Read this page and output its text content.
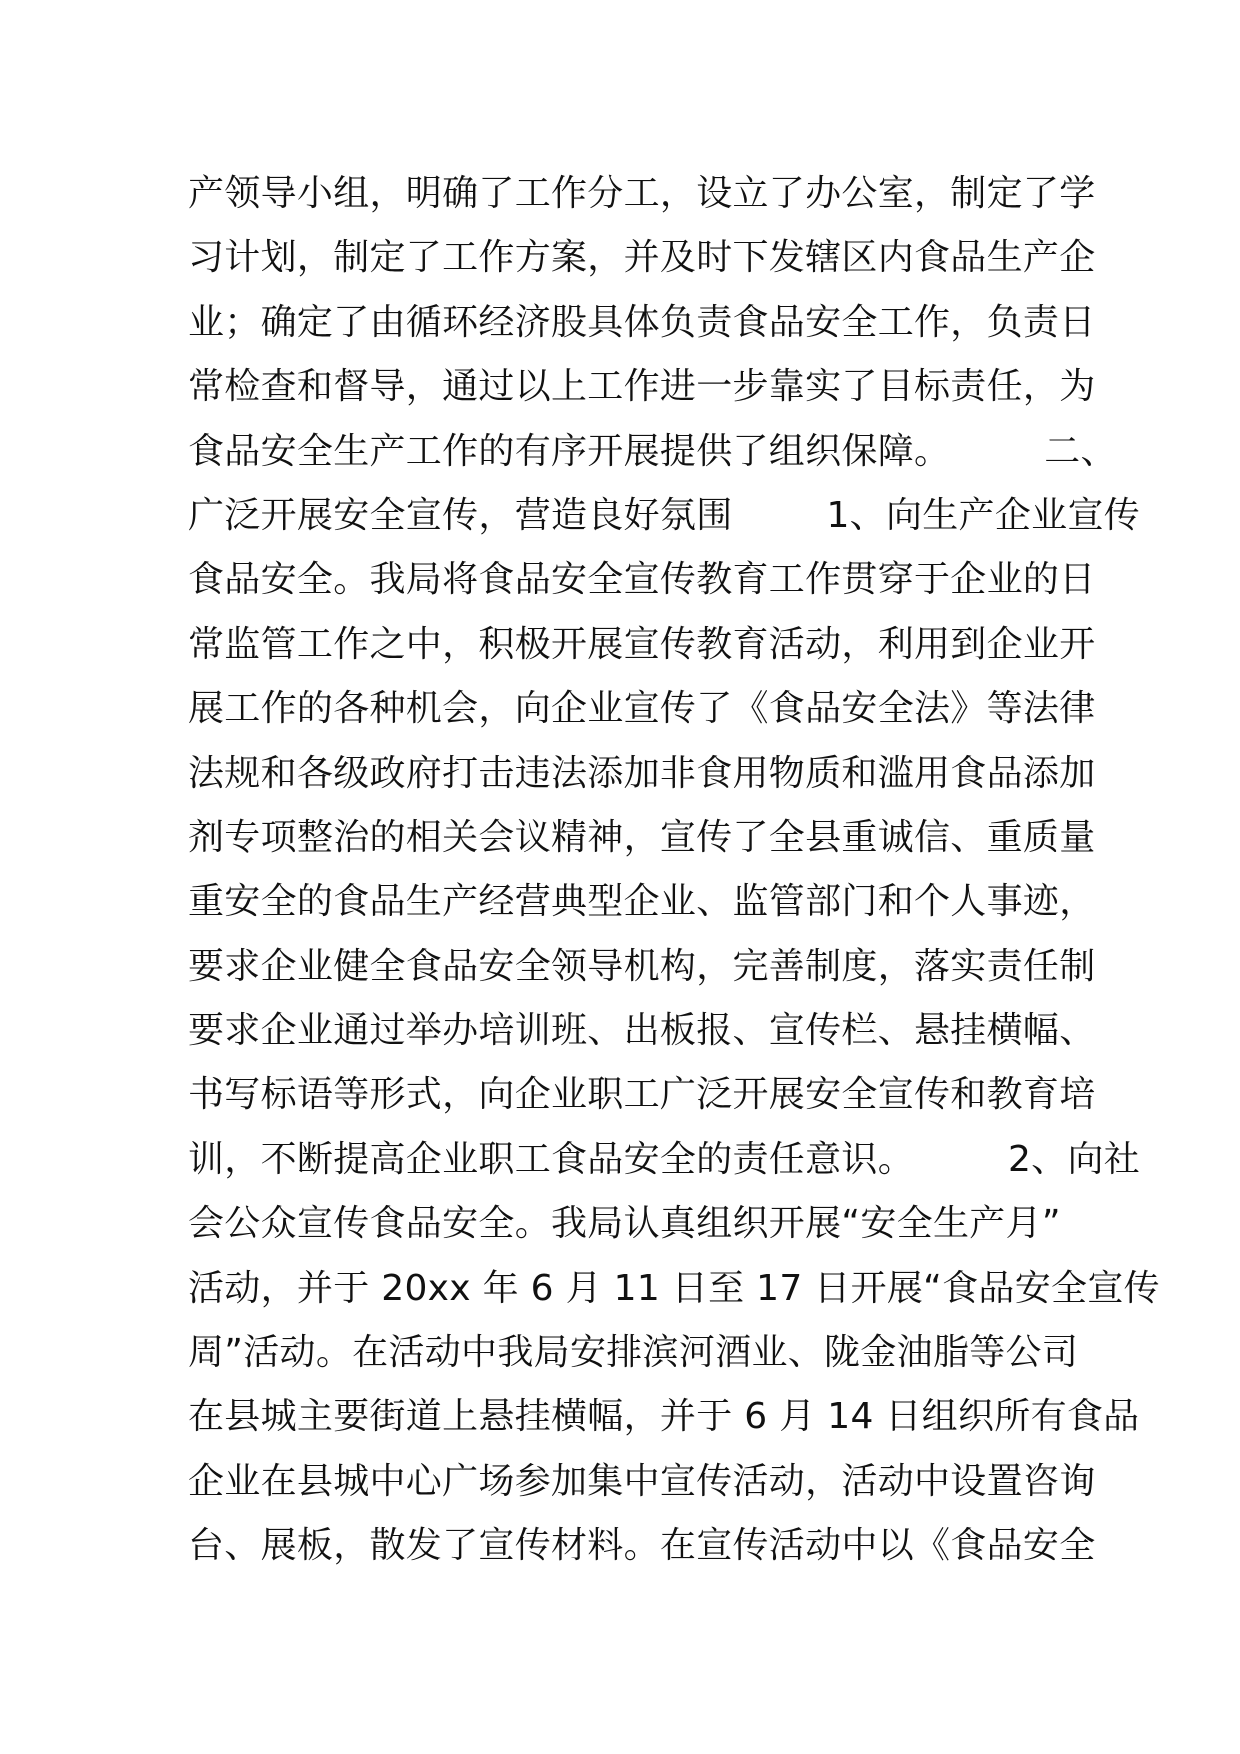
产领导小组，明确了工作分工，设立了办公室，制定了学
习计划，制定了工作方案，并及时下发辖区内食品生产企
业；确定了由循环经济股具体负责食品安全工作，负责日
常检查和督导，通过以上工作进一步靠实了目标责任，为
食品安全生产工作的有序开展提供了组织保障。        二、
广泛开展安全宣传，营造良好氛围        1、向生产企业宣传
食品安全。我局将食品安全宣传教育工作贯穿于企业的日
常监管工作之中，积极开展宣传教育活动，利用到企业开
展工作的各种机会，向企业宣传了《食品安全法》等法律
法规和各级政府打击违法添加非食用物质和滥用食品添加
剂专项整治的相关会议精神，宣传了全县重诚信、重质量
重安全的食品生产经营典型企业、监管部门和个人事迹，
要求企业健全食品安全领导机构，完善制度，落实责任制
要求企业通过举办培训班、出板报、宣传栏、悬挂横幅、
书写标语等形式，向企业职工广泛开展安全宣传和教育培
训，不断提高企业职工食品安全的责任意识。        2、向社
会公众宣传食品安全。我局认真组织开展“安全生产月”
活动，并于 20xx 年 6 月 11 日至 17 日开展“食品安全宣传
周”活动。在活动中我局安排滨河酒业、陇金油脂等公司
在县城主要街道上悬挂横幅，并于 6 月 14 日组织所有食品
企业在县城中心广场参加集中宣传活动，活动中设置咨询
台、展板，散发了宣传材料。在宣传活动中以《食品安全
